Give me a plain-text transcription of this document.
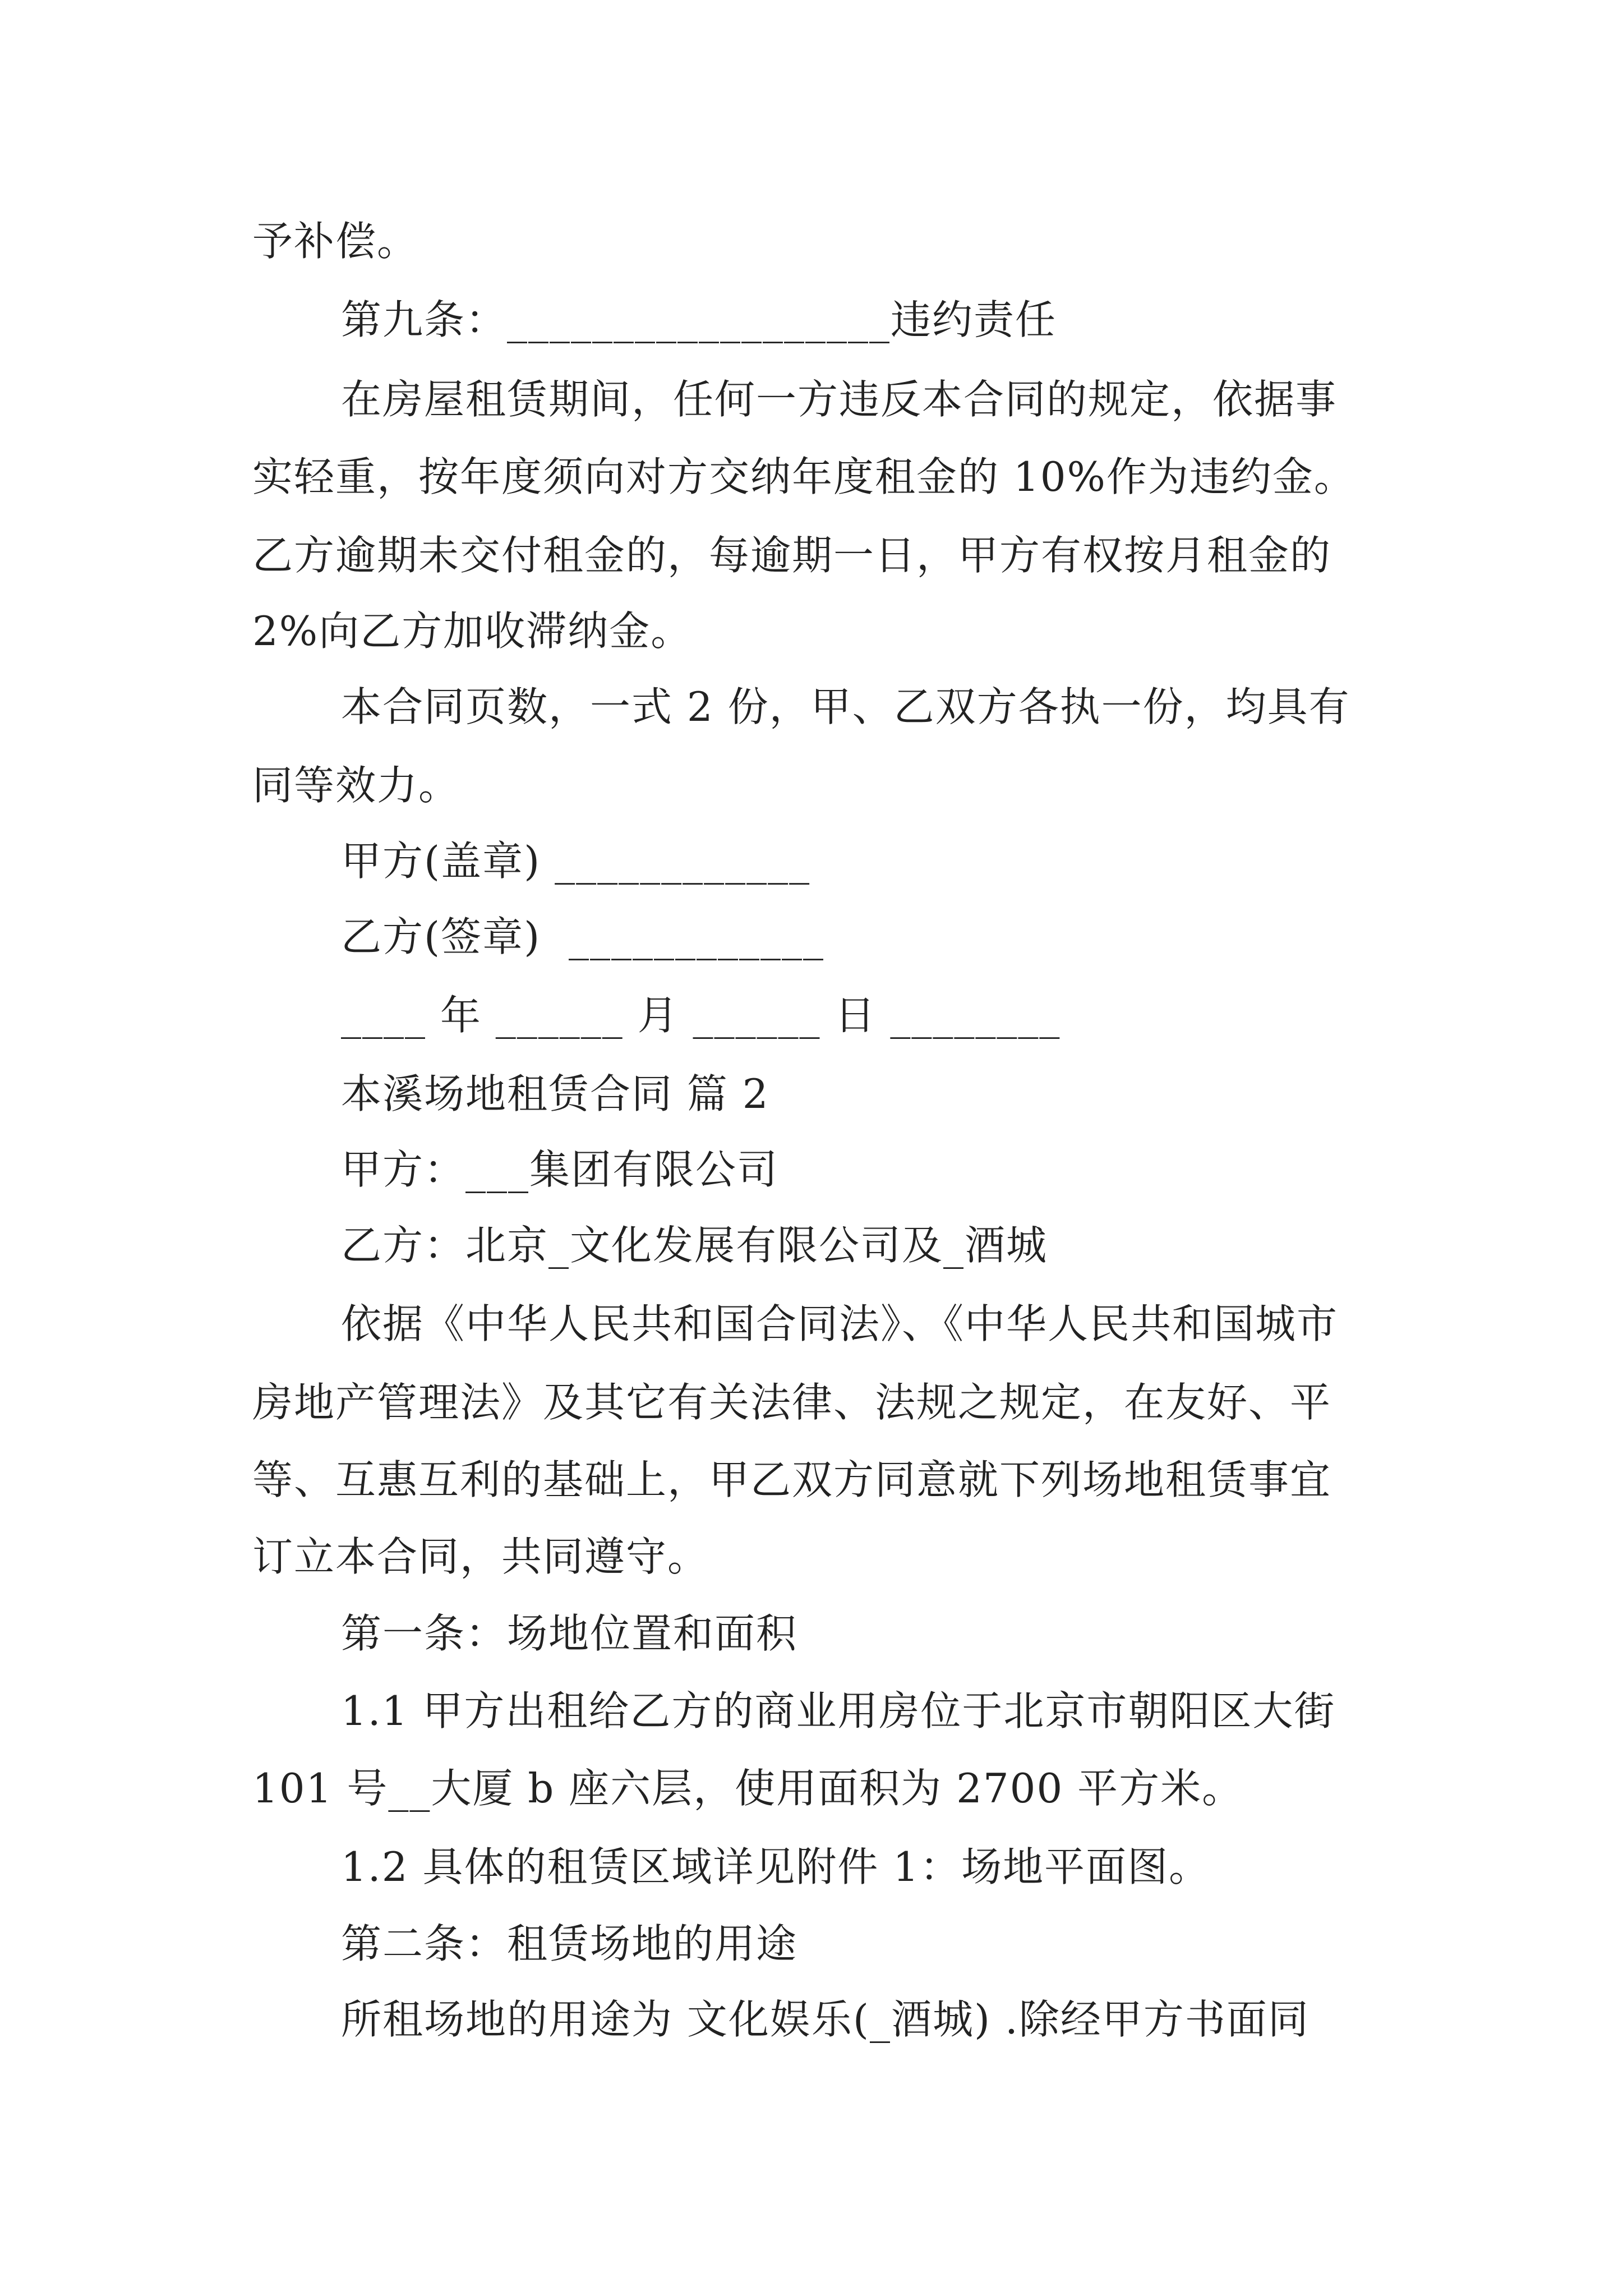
予补偿。
第九条：__________________违约责任
在房屋租赁期间，任何一方违反本合同的规定，依据事
实轻重，按年度须向对方交纳年度租金的 10%作为违约金。
乙方逾期未交付租金的，每逾期一日，甲方有权按月租金的
2%向乙方加收滞纳金。
本合同页数，一式 2 份，甲、乙双方各执一份，均具有
同等效力。
甲方(盖章) ____________
乙方(签章)  ____________
____ 年 ______ 月 ______ 日 ________
本溪场地租赁合同 篇 2
甲方：___集团有限公司
乙方：北京_文化发展有限公司及_酒城
依据《中华人民共和国合同法》、《中华人民共和国城市
房地产管理法》及其它有关法律、法规之规定，在友好、平
等、互惠互利的基础上，甲乙双方同意就下列场地租赁事宜
订立本合同，共同遵守。
第一条：场地位置和面积
1.1 甲方出租给乙方的商业用房位于北京市朝阳区大街
101 号__大厦 b 座六层，使用面积为 2700 平方米。
1.2 具体的租赁区域详见附件 1：场地平面图。
第二条：租赁场地的用途
所租场地的用途为 文化娱乐(_酒城) .除经甲方书面同
